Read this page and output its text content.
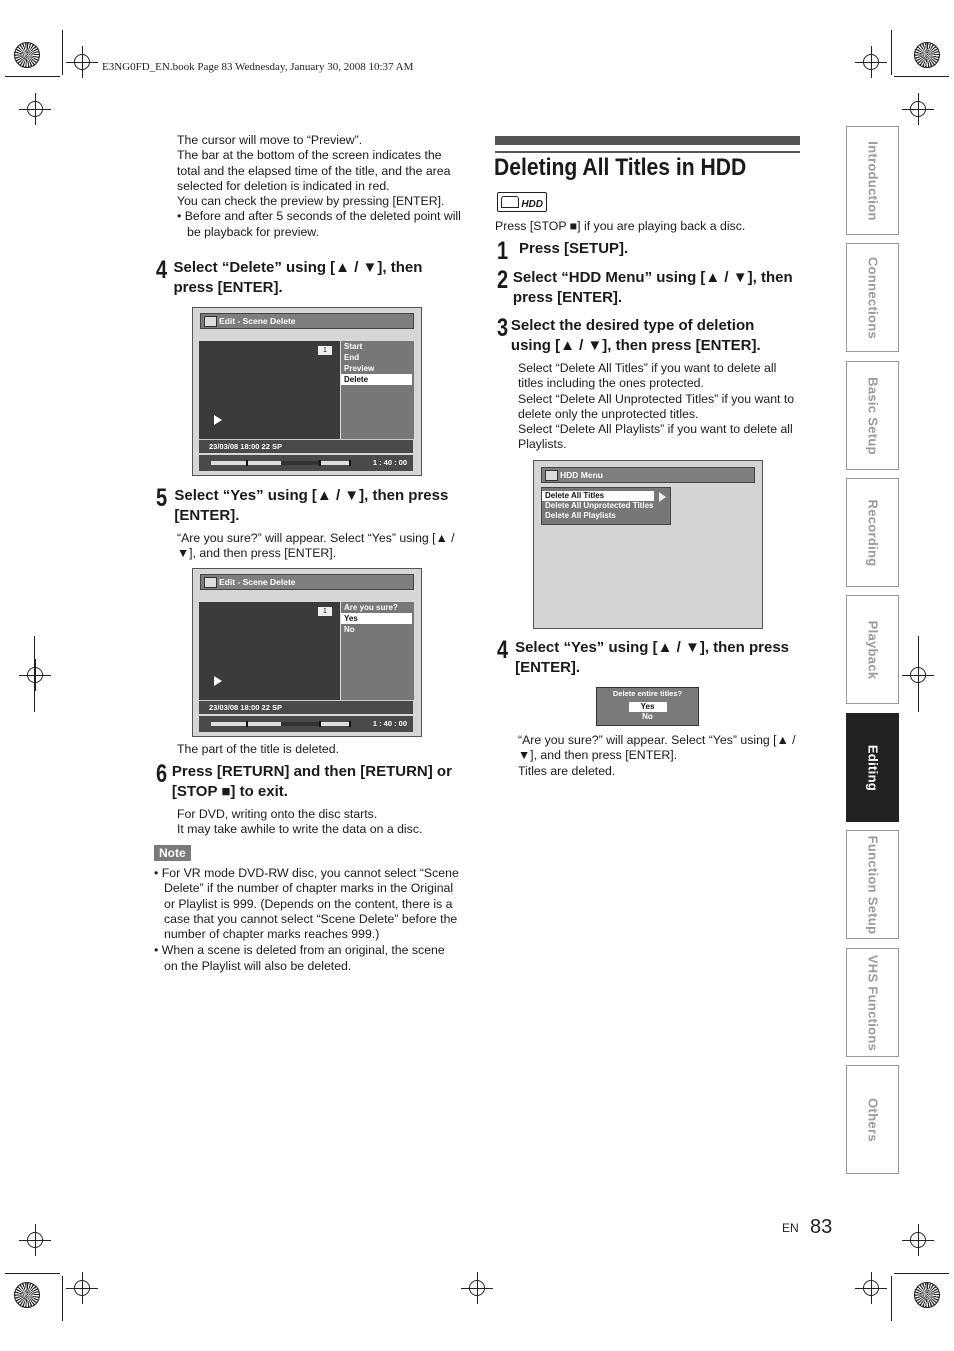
E3NG0FD_EN.book Page 83 Wednesday, January 30, 2008 10:37 AM
The cursor will move to “Preview”.
The bar at the bottom of the screen indicates the total and the elapsed time of the title, and the area selected for deletion is indicated in red.
You can check the preview by pressing [ENTER].
• Before and after 5 seconds of the deleted point will be playback for preview.
4 Select “Delete” using [▲ / ▼], then press [ENTER].
Edit - Scene Delete
1	Start
End
Preview
Delete
23/03/08 18:00 22 SP
1 : 40 : 00
5 Select “Yes” using [▲ / ▼], then press [ENTER].
“Are you sure?” will appear. Select “Yes” using [▲ / ▼], and then press [ENTER].
Edit - Scene Delete
1	Are you sure?
Yes
No
23/03/08 18:00 22 SP
1 : 40 : 00
The part of the title is deleted.
6 Press [RETURN] and then [RETURN] or [STOP ■] to exit.
For DVD, writing onto the disc starts.
It may take awhile to write the data on a disc.
Note
• For VR mode DVD-RW disc, you cannot select “Scene Delete” if the number of chapter marks in the Original or Playlist is 999. (Depends on the content, there is a case that you cannot select “Scene Delete” before the number of chapter marks reaches 999.)
• When a scene is deleted from an original, the scene on the Playlist will also be deleted.
Deleting All Titles in HDD
HDD
Press [STOP ■] if you are playing back a disc.
1 Press [SETUP].
2 Select “HDD Menu” using [▲ / ▼], then press [ENTER].
3 Select the desired type of deletion using [▲ / ▼], then press [ENTER].
Select “Delete All Titles” if you want to delete all titles including the ones protected.
Select “Delete All Unprotected Titles” if you want to delete only the unprotected titles.
Select “Delete All Playlists” if you want to delete all Playlists.
HDD Menu
Delete All Titles
Delete All Unprotected Titles
Delete All Playlists
4 Select “Yes” using [▲ / ▼], then press [ENTER].
Delete entire titles?
Yes
No
“Are you sure?” will appear. Select “Yes” using [▲ / ▼], and then press [ENTER].
Titles are deleted.
Introduction
Connections
Basic Setup
Recording
Playback
Editing
Function Setup
VHS Functions
Others
EN 83
